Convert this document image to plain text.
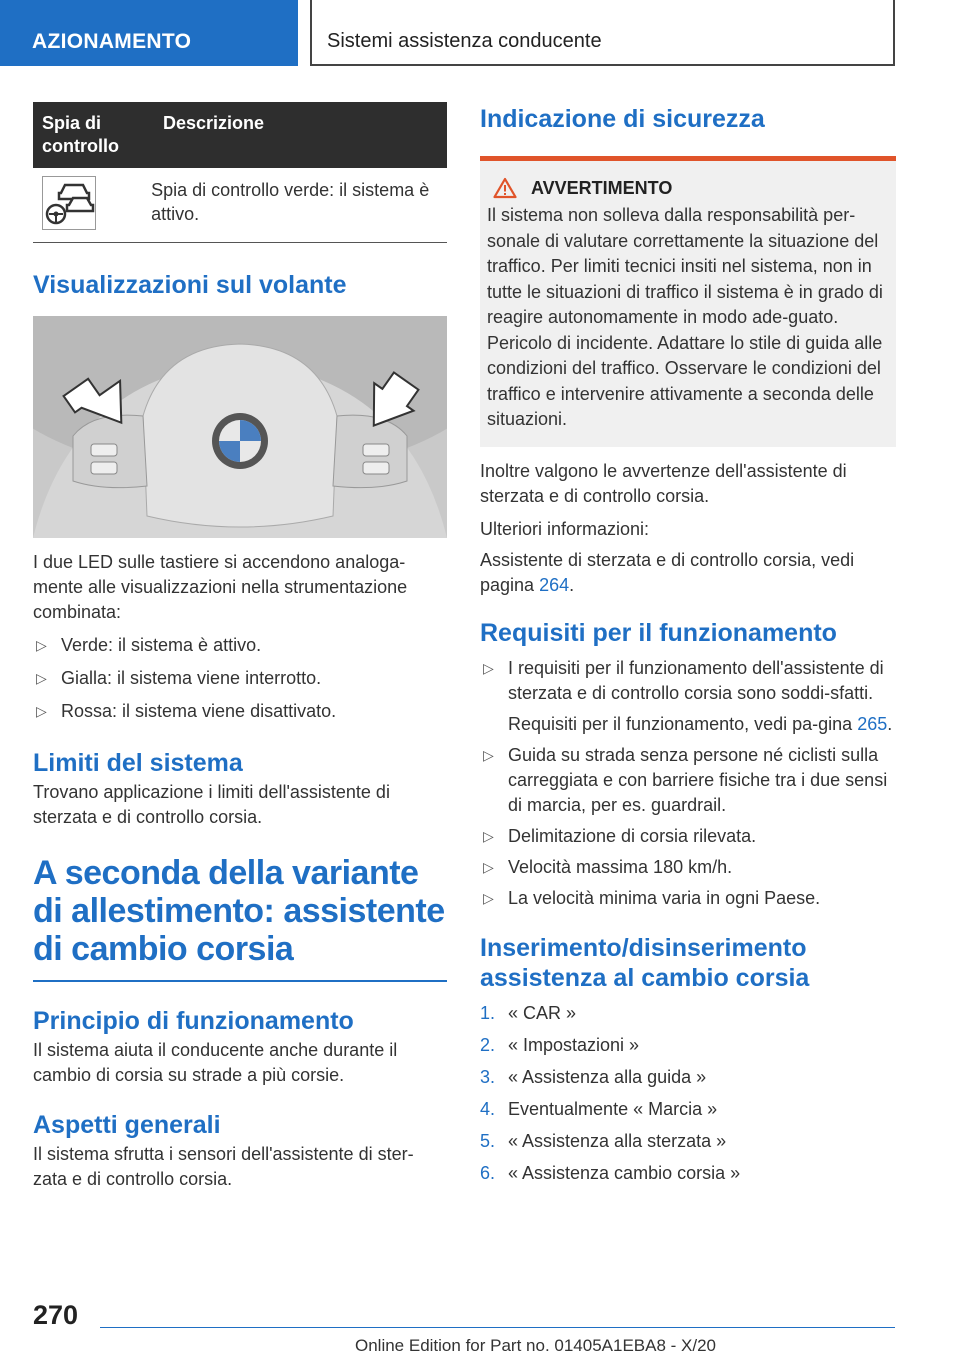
AZIONAMENTO	Sistemi assistenza conducente
Spia di controllo
Descrizione
Spia di controllo verde: il sistema è attivo.
Visualizzazioni sul volante

I due LED sulle tastiere si accendono analoga-mente alle visualizzazioni nella strumentazione combinata:

▷ Verde: il sistema è attivo.
▷ Gialla: il sistema viene interrotto.
▷ Rossa: il sistema viene disattivato.
Limiti del sistema

Trovano applicazione i limiti dell'assistente di sterzata e di controllo corsia.

A seconda della variante di allestimento: assistente di cambio corsia
Principio di funzionamento

Il sistema aiuta il conducente anche durante il cambio di corsia su strade a più corsie.

Aspetti generali

Il sistema sfrutta i sensori dell'assistente di ster-zata e di controllo corsia.

Indicazione di sicurezza
AVVERTIMENTO

Il sistema non solleva dalla responsabilità per-sonale di valutare correttamente la situazione del traffico. Per limiti tecnici insiti nel sistema, non in tutte le situazioni di traffico il sistema è in grado di reagire autonomamente in modo ade-guato. Pericolo di incidente. Adattare lo stile di guida alle condizioni del traffico. Osservare le condizioni del traffico e intervenire attivamente a seconda delle situazioni.

Inoltre valgono le avvertenze dell'assistente di sterzata e di controllo corsia.

Ulteriori informazioni:

Assistente di sterzata e di controllo corsia, vedi pagina 264.

Requisiti per il funzionamento
▷ I requisiti per il funzionamento dell'assistente di sterzata e di controllo corsia sono soddi-sfatti.
Requisiti per il funzionamento, vedi pa-gina 265.
▷ Guida su strada senza persone né ciclisti sulla carreggiata e con barriere fisiche tra i due sensi di marcia, per es. guardrail.
▷ Delimitazione di corsia rilevata.
▷ Velocità massima 180 km/h.
▷ La velocità minima varia in ogni Paese.
Inserimento/disinserimento assistenza al cambio corsia
1. « CAR »
2. « Impostazioni »
3. « Assistenza alla guida »
4. Eventualmente « Marcia »
5. « Assistenza alla sterzata »
6. « Assistenza cambio corsia »
270
Online Edition for Part no. 01405A1EBA8 - X/20
